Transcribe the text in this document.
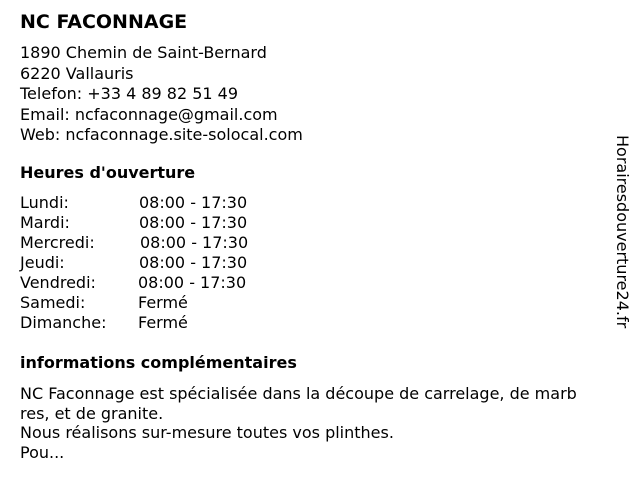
NC FACONNAGE
1890 Chemin de Saint-Bernard
6220 Vallauris
Telefon: +33 4 89 82 51 49
Email: ncfaconnage@gmail.com
Web: ncfaconnage.site-solocal.com
Heures d'ouverture
Lundi:	08:00 - 17:30
Mardi:	08:00 - 17:30
Mercredi:	08:00 - 17:30
Jeudi:	08:00 - 17:30
Vendredi:	08:00 - 17:30
Samedi:	Fermé
Dimanche: Fermé
informations complémentaires
NC Faconnage est spécialisée dans la découpe de carrelage, de marb
res, et de granite.
Nous réalisons sur-mesure toutes vos plinthes.
Pou...
Horairesdouverture24.fr
